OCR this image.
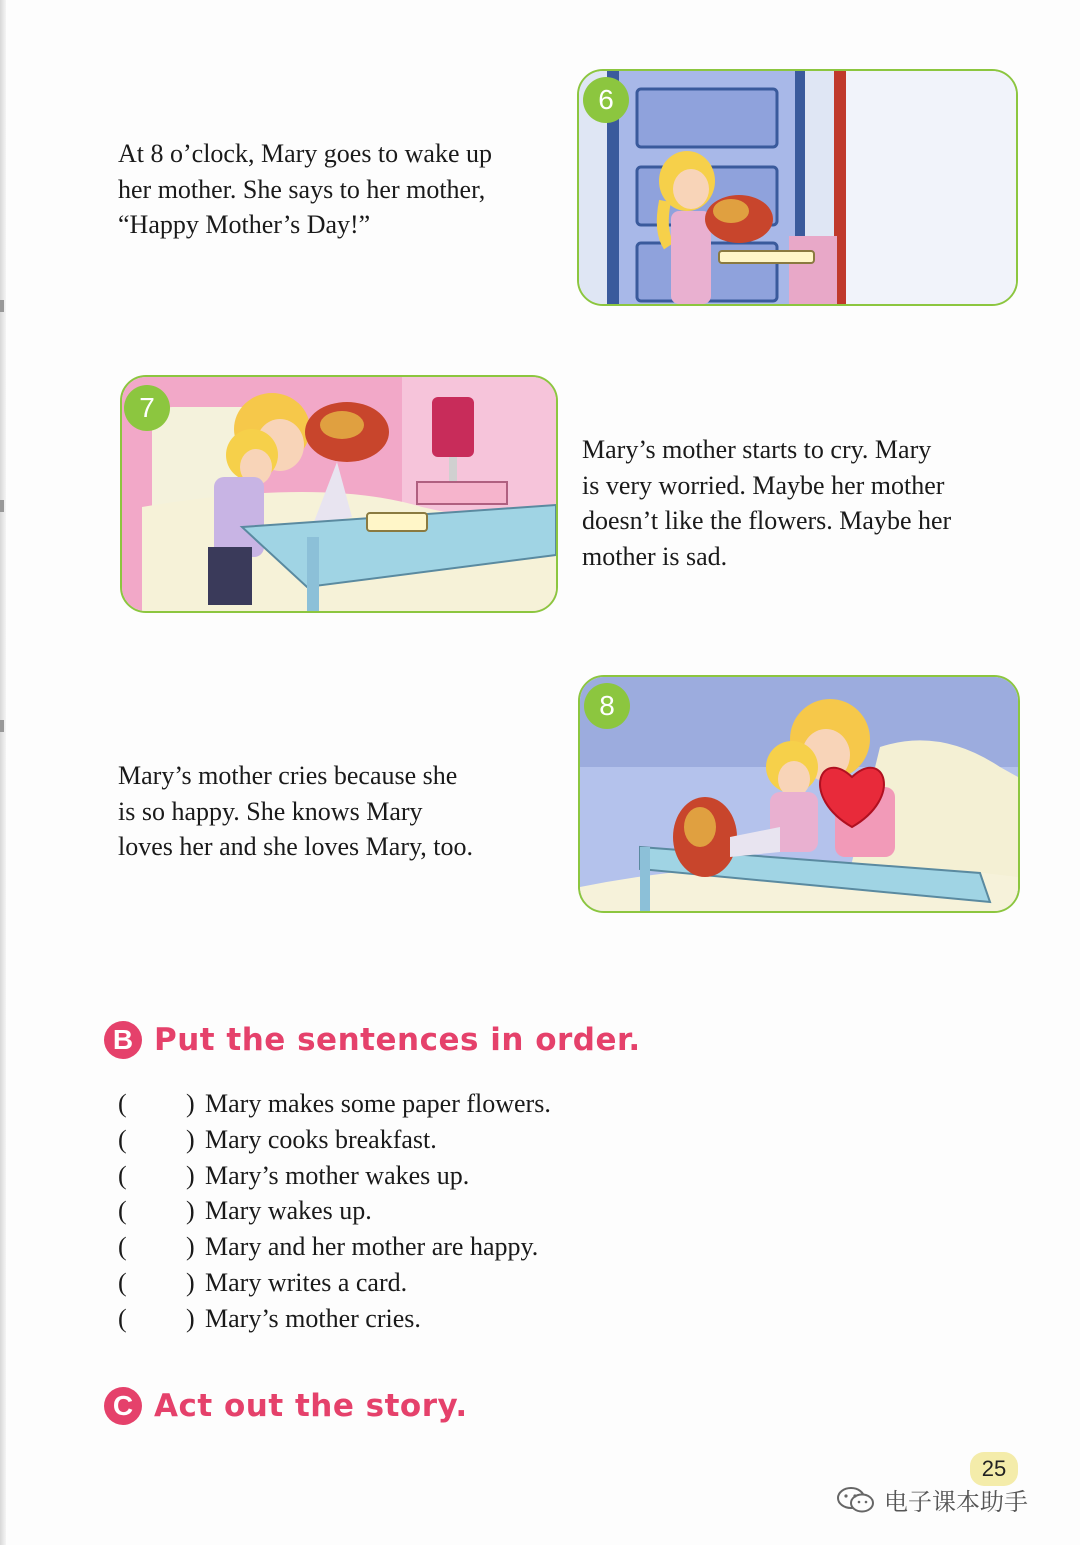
At 8 o’clock, Mary goes to wake up
her mother. She says to her mother,
“Happy Mother’s Day!”

6
7

Mary’s mother starts to cry. Mary
is very worried. Maybe her mother
doesn’t like the flowers. Maybe her
mother is sad.

Mary’s mother cries because she
is so happy. She knows Mary
loves her and she loves Mary, too.

8
B Put the sentences in order.
( ) Mary makes some paper flowers.
( ) Mary cooks breakfast.
( ) Mary’s mother wakes up.
( ) Mary wakes up.
( ) Mary and her mother are happy.
( ) Mary writes a card.
( ) Mary’s mother cries.
C Act out the story.
25
电子课本助手
